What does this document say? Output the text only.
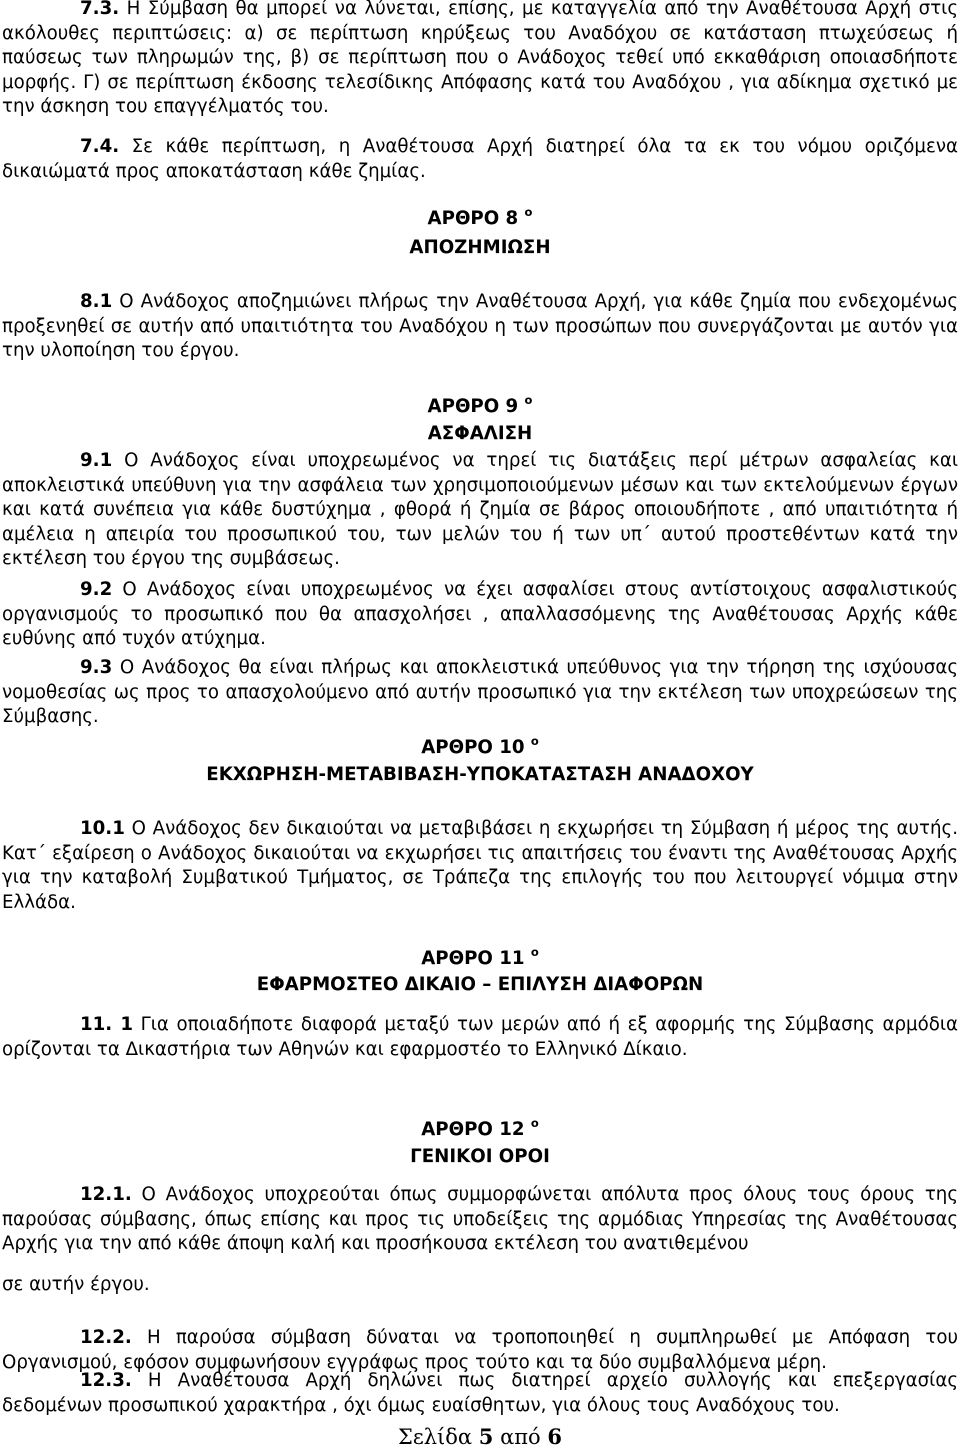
7.3. Η Σύμβαση θα μπορεί να λύνεται, επίσης, με καταγγελία από την Αναθέτουσα Αρχή στις ακόλουθες περιπτώσεις: α) σε περίπτωση κηρύξεως του Αναδόχου σε κατάσταση πτωχεύσεως ή παύσεως των πληρωμών της, β) σε περίπτωση που ο Ανάδοχος τεθεί υπό εκκαθάριση οποιασδήποτε μορφής. Γ) σε περίπτωση έκδοσης τελεσίδικης Απόφασης κατά του Αναδόχου , για αδίκημα σχετικό με την άσκηση του επαγγέλματός του.

7.4. Σε κάθε περίπτωση, η Αναθέτουσα Αρχή διατηρεί όλα τα εκ του νόμου οριζόμενα δικαιώματά προς αποκατάσταση κάθε ζημίας.

ΑΡΘΡΟ 8 $^o$
ΑΠΟΖΗΜΙΩΣΗ

8.1 Ο Ανάδοχος αποζημιώνει πλήρως την Αναθέτουσα Αρχή, για κάθε ζημία που ενδεχομένως προξενηθεί σε αυτήν από υπαιτιότητα του Αναδόχου η των προσώπων που συνεργάζονται με αυτόν για την υλοποίηση του έργου.

ΑΡΘΡΟ 9 $^o$
ΑΣΦΑΛΙΣΗ

9.1 Ο Ανάδοχος είναι υποχρεωμένος να τηρεί τις διατάξεις περί μέτρων ασφαλείας και αποκλειστικά υπεύθυνη για την ασφάλεια των χρησιμοποιούμενων μέσων και των εκτελούμενων έργων και κατά συνέπεια για κάθε δυστύχημα , φθορά ή ζημία σε βάρος οποιουδήποτε , από υπαιτιότητα ή αμέλεια η απειρία του προσωπικού του, των μελών του ή των υπ΄ αυτού προστεθέντων κατά την εκτέλεση του έργου της συμβάσεως.

9.2 Ο Ανάδοχος είναι υποχρεωμένος να έχει ασφαλίσει στους αντίστοιχους ασφαλιστικούς οργανισμούς το προσωπικό που θα απασχολήσει , απαλλασσόμενης της Αναθέτουσας Αρχής κάθε ευθύνης από τυχόν ατύχημα.

9.3 Ο Ανάδοχος θα είναι πλήρως και αποκλειστικά υπεύθυνος για την τήρηση της ισχύουσας νομοθεσίας ως προς το απασχολούμενο από αυτήν προσωπικό για την εκτέλεση των υποχρεώσεων της Σύμβασης.

ΑΡΘΡΟ 10 $^o$
ΕΚΧΩΡΗΣΗ-ΜΕΤΑΒΙΒΑΣΗ-ΥΠΟΚΑΤΑΣΤΑΣΗ ΑΝΑΔΟΧΟΥ

10.1 Ο Ανάδοχος δεν δικαιούται να μεταβιβάσει η εκχωρήσει τη Σύμβαση ή μέρος της αυτής. Κατ΄ εξαίρεση ο Ανάδοχος δικαιούται να εκχωρήσει τις απαιτήσεις του έναντι της Αναθέτουσας Αρχής για την καταβολή Συμβατικού Τμήματος, σε Τράπεζα της επιλογής του που λειτουργεί νόμιμα στην Ελλάδα.

ΑΡΘΡΟ 11 $^o$
ΕΦΑΡΜΟΣΤΕΟ ΔΙΚΑΙΟ – ΕΠΙΛΥΣΗ ΔΙΑΦΟΡΩΝ

11. 1 Για οποιαδήποτε διαφορά μεταξύ των μερών από ή εξ αφορμής της Σύμβασης αρμόδια ορίζονται τα Δικαστήρια των Αθηνών και εφαρμοστέο το Ελληνικό Δίκαιο.

ΑΡΘΡΟ 12 $^o$
ΓΕΝΙΚΟΙ ΟΡΟΙ

12.1. Ο Ανάδοχος υποχρεούται όπως συμμορφώνεται απόλυτα προς όλους τους όρους της παρούσας σύμβασης, όπως επίσης και προς τις υποδείξεις της αρμόδιας Υπηρεσίας της Αναθέτουσας Αρχής για την από κάθε άποψη καλή και προσήκουσα εκτέλεση του ανατιθεμένου

σε αυτήν έργου.

12.2. Η παρούσα σύμβαση δύναται να τροποποιηθεί η συμπληρωθεί με Απόφαση του Οργανισμού, εφόσον συμφωνήσουν εγγράφως προς τούτο και τα δύο συμβαλλόμενα μέρη.

12.3. Η Αναθέτουσα Αρχή δηλώνει πως διατηρεί αρχείο συλλογής και επεξεργασίας δεδομένων προσωπικού χαρακτήρα , όχι όμως ευαίσθητων, για όλους τους Αναδόχους του.

Σελίδα 5 από 6
